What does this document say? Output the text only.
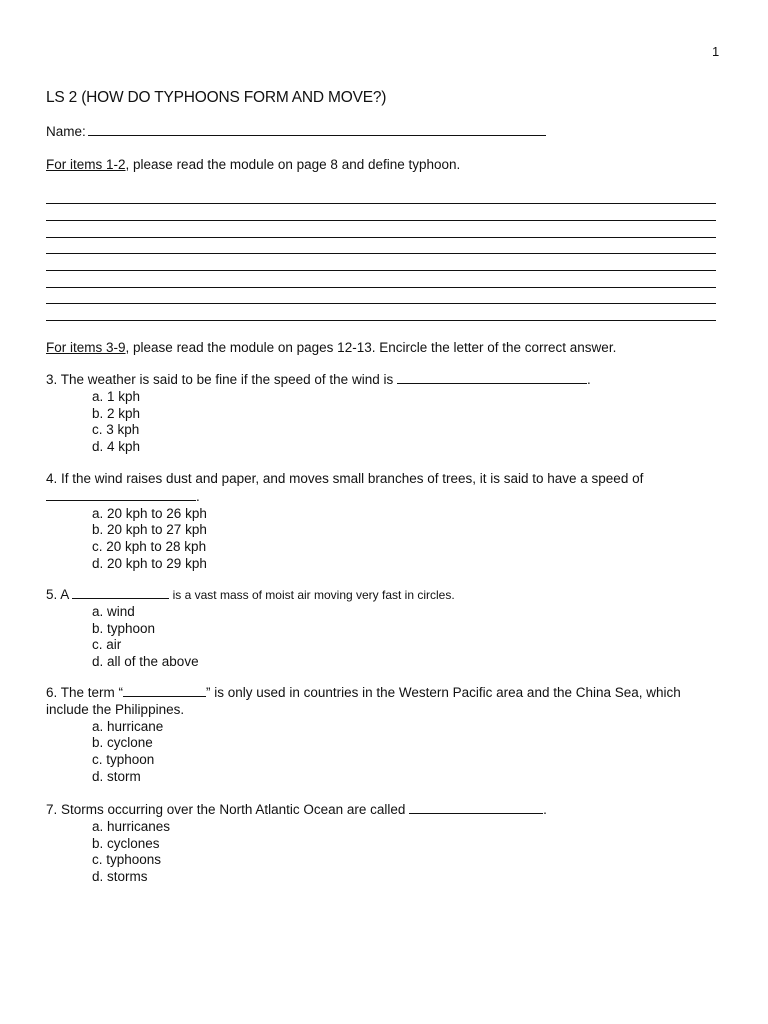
1
LS 2 (HOW DO TYPHOONS FORM AND MOVE?)
Name:
For items 1-2, please read the module on page 8 and define typhoon.
For items 3-9, please read the module on pages 12-13. Encircle the letter of the correct answer.
3. The weather is said to be fine if the speed of the wind is	.
a. 1 kph
b. 2 kph
c. 3 kph
d. 4 kph
4. If the wind raises dust and paper, and moves small branches of trees, it is said to have a speed of
.
a. 20 kph to 26 kph
b. 20 kph to 27 kph
c. 20 kph to 28 kph
d. 20 kph to 29 kph
5. A	is a vast mass of moist air moving very fast in circles.
a. wind
b. typhoon
c. air
d. all of the above
6. The term “	” is only used in countries in the Western Pacific area and the China Sea, which include the Philippines.
a. hurricane
b. cyclone
c. typhoon
d. storm
7. Storms occurring over the North Atlantic Ocean are called	.
a. hurricanes
b. cyclones
c. typhoons
d. storms
